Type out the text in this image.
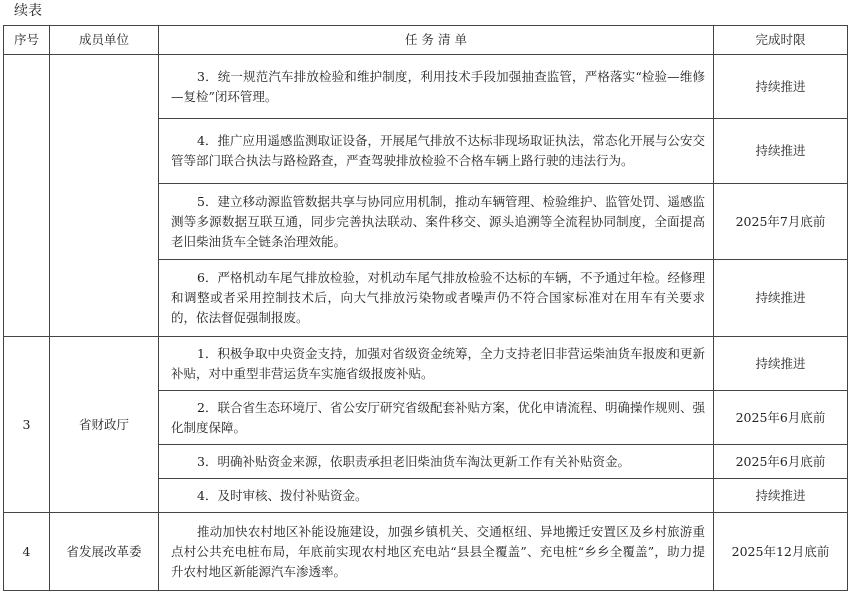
续表
序号	成员单位	任 务 清 单	完成时限
		3．统一规范汽车排放检验和维护制度，利用技术手段加强抽查监管，严格落实“检验—维修—复检”闭环管理。	持续推进
		4．推广应用遥感监测取证设备，开展尾气排放不达标非现场取证执法，常态化开展与公安交管等部门联合执法与路检路查，严查驾驶排放检验不合格车辆上路行驶的违法行为。	持续推进
		5．建立移动源监管数据共享与协同应用机制，推动车辆管理、检验维护、监管处罚、遥感监测等多源数据互联互通，同步完善执法联动、案件移交、源头追溯等全流程协同制度，全面提高老旧柴油货车全链条治理效能。	2025年7月底前
		6．严格机动车尾气排放检验，对机动车尾气排放检验不达标的车辆，不予通过年检。经修理和调整或者采用控制技术后，向大气排放污染物或者噪声仍不符合国家标准对在用车有关要求的，依法督促强制报废。	持续推进
3	省财政厅	1．积极争取中央资金支持，加强对省级资金统筹，全力支持老旧非营运柴油货车报废和更新补贴，对中重型非营运货车实施省级报废补贴。	持续推进
		2．联合省生态环境厅、省公安厅研究省级配套补贴方案，优化申请流程、明确操作规则、强化制度保障。	2025年6月底前
		3．明确补贴资金来源，依职责承担老旧柴油货车淘汰更新工作有关补贴资金。	2025年6月底前
		4．及时审核、拨付补贴资金。	持续推进
4	省发展改革委	推动加快农村地区补能设施建设，加强乡镇机关、交通枢纽、异地搬迁安置区及乡村旅游重点村公共充电桩布局，年底前实现农村地区充电站“县县全覆盖”、充电桩“乡乡全覆盖”，助力提升农村地区新能源汽车渗透率。	2025年12月底前
